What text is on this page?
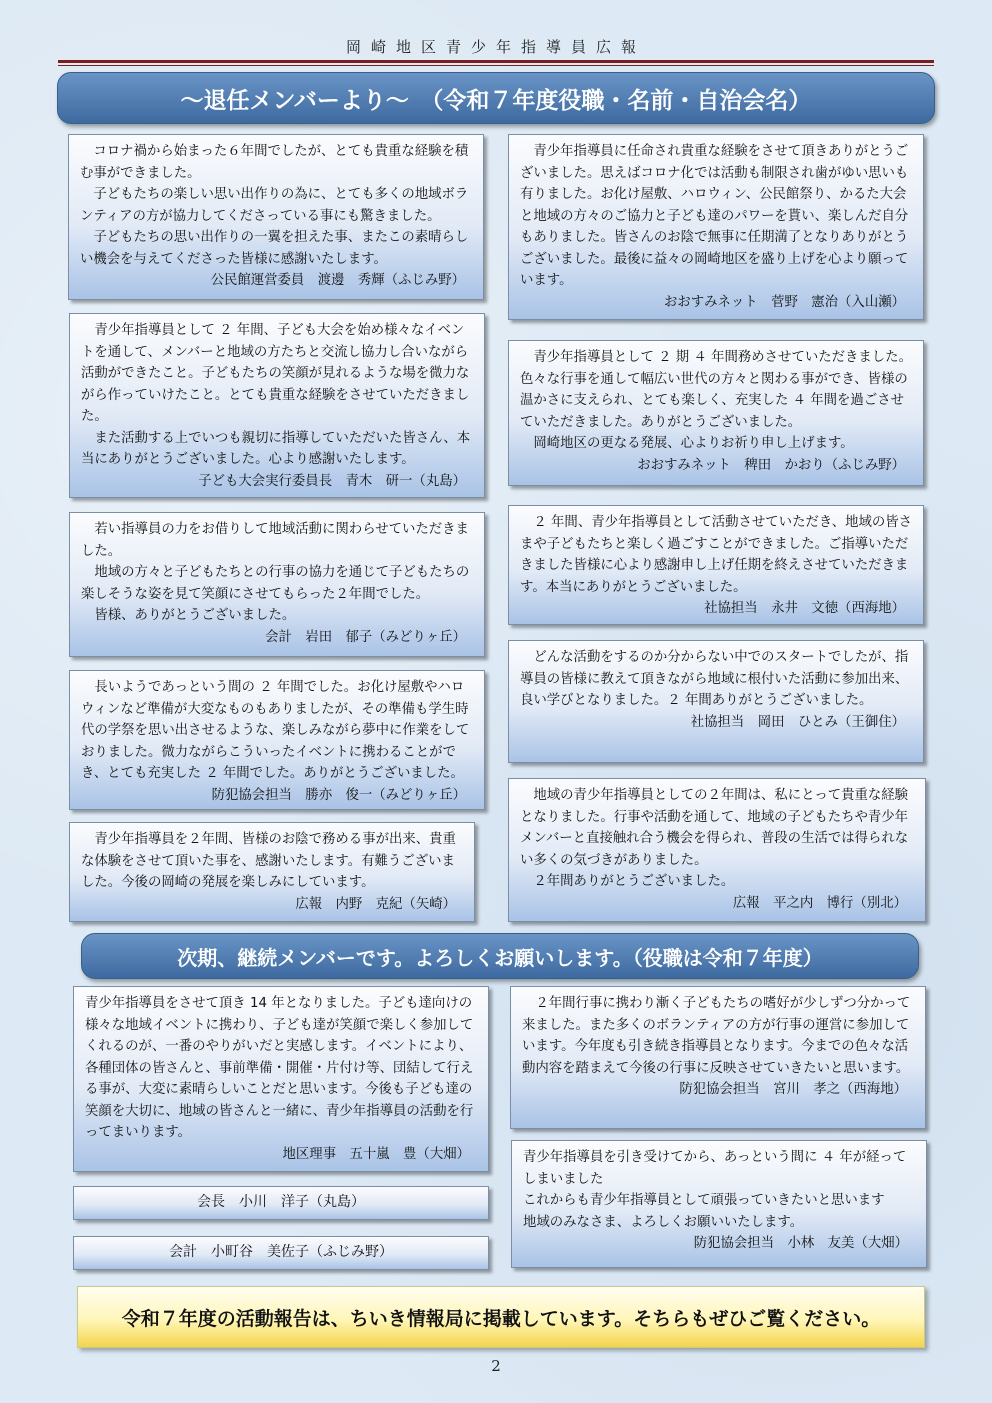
岡崎地区青少年指導員広報
～退任メンバーより～　（令和７年度役職・名前・自治会名）

コロナ禍から始まった６年間でしたが、とても貴重な経験を積む事ができました。

子どもたちの楽しい思い出作りの為に、とても多くの地域ボランティアの方が協力してくださっている事にも驚きました。

子どもたちの思い出作りの一翼を担えた事、またこの素晴らしい機会を与えてくださった皆様に感謝いたします。

公民館運営委員　渡邊　秀輝（ふじみ野）

青少年指導員として ２ 年間、子ども大会を始め様々なイベントを通して、メンバーと地域の方たちと交流し協力し合いながら活動ができたこと。子どもたちの笑顔が見れるような場を微力ながら作っていけたこと。とても貴重な経験をさせていただきました。

また活動する上でいつも親切に指導していただいた皆さん、本当にありがとうございました。心より感謝いたします。

子ども大会実行委員長　青木　研一（丸島）

若い指導員の力をお借りして地域活動に関わらせていただきました。

地域の方々と子どもたちとの行事の協力を通じて子どもたちの楽しそうな姿を見て笑顔にさせてもらった２年間でした。

皆様、ありがとうございました。

会計　岩田　郁子（みどりヶ丘）

長いようであっという間の ２ 年間でした。お化け屋敷やハロウィンなど準備が大変なものもありましたが、その準備も学生時代の学祭を思い出させるような、楽しみながら夢中に作業をしておりました。微力ながらこういったイベントに携わることができ、とても充実した ２ 年間でした。ありがとうございました。

防犯協会担当　勝亦　俊一（みどりヶ丘）

青少年指導員を２年間、皆様のお陰で務める事が出来、貴重な体験をさせて頂いた事を、感謝いたします。有難うございました。今後の岡崎の発展を楽しみにしています。

広報　内野　克紀（矢崎）

青少年指導員に任命され貴重な経験をさせて頂きありがとうございました。思えばコロナ化では活動も制限され歯がゆい思いも有りました。お化け屋敷、ハロウィン、公民館祭り、かるた大会と地域の方々のご協力と子ども達のパワーを貰い、楽しんだ自分もありました。皆さんのお陰で無事に任期満了となりありがとうございました。最後に益々の岡崎地区を盛り上げを心より願っています。

おおすみネット　菅野　憲治（入山瀬）

青少年指導員として ２ 期 ４ 年間務めさせていただきました。色々な行事を通して幅広い世代の方々と関わる事ができ、皆様の温かさに支えられ、とても楽しく、充実した ４ 年間を過ごさせていただきました。ありがとうございました。

岡崎地区の更なる発展、心よりお祈り申し上げます。

おおすみネット　稗田　かおり（ふじみ野）

２ 年間、青少年指導員として活動させていただき、地域の皆さまや子どもたちと楽しく過ごすことができました。ご指導いただきました皆様に心より感謝申し上げ任期を終えさせていただきます。本当にありがとうございました。

社協担当　永井　文徳（西海地）

どんな活動をするのか分からない中でのスタートでしたが、指導員の皆様に教えて頂きながら地域に根付いた活動に参加出来、良い学びとなりました。２ 年間ありがとうございました。

社協担当　岡田　ひとみ（王御住）

地域の青少年指導員としての２年間は、私にとって貴重な経験となりました。行事や活動を通して、地域の子どもたちや青少年メンバーと直接触れ合う機会を得られ、普段の生活では得られない多くの気づきがありました。

２年間ありがとうございました。

広報　平之内　博行（別北）

次期、継続メンバーです。よろしくお願いします。（役職は令和７年度）

青少年指導員をさせて頂き 14 年となりました。子ども達向けの様々な地域イベントに携わり、子ども達が笑顔で楽しく参加してくれるのが、一番のやりがいだと実感します。イベントにより、各種団体の皆さんと、事前準備・開催・片付け等、団結して行える事が、大変に素晴らしいことだと思います。今後も子ども達の笑顔を大切に、地域の皆さんと一緒に、青少年指導員の活動を行ってまいります。

地区理事　五十嵐　豊（大畑）

会長　小川　洋子（丸島）
会計　小町谷　美佐子（ふじみ野）

２年間行事に携わり漸く子どもたちの嗜好が少しずつ分かって来ました。また多くのボランティアの方が行事の運営に参加しています。今年度も引き続き指導員となります。今までの色々な活動内容を踏まえて今後の行事に反映させていきたいと思います。

防犯協会担当　宮川　孝之（西海地）

青少年指導員を引き受けてから、あっという間に ４ 年が経ってしまいました

これからも青少年指導員として頑張っていきたいと思います

地域のみなさま、よろしくお願いいたします。

防犯協会担当　小林　友美（大畑）

令和７年度の活動報告は、ちいき情報局に掲載しています。そちらもぜひご覧ください。
2
